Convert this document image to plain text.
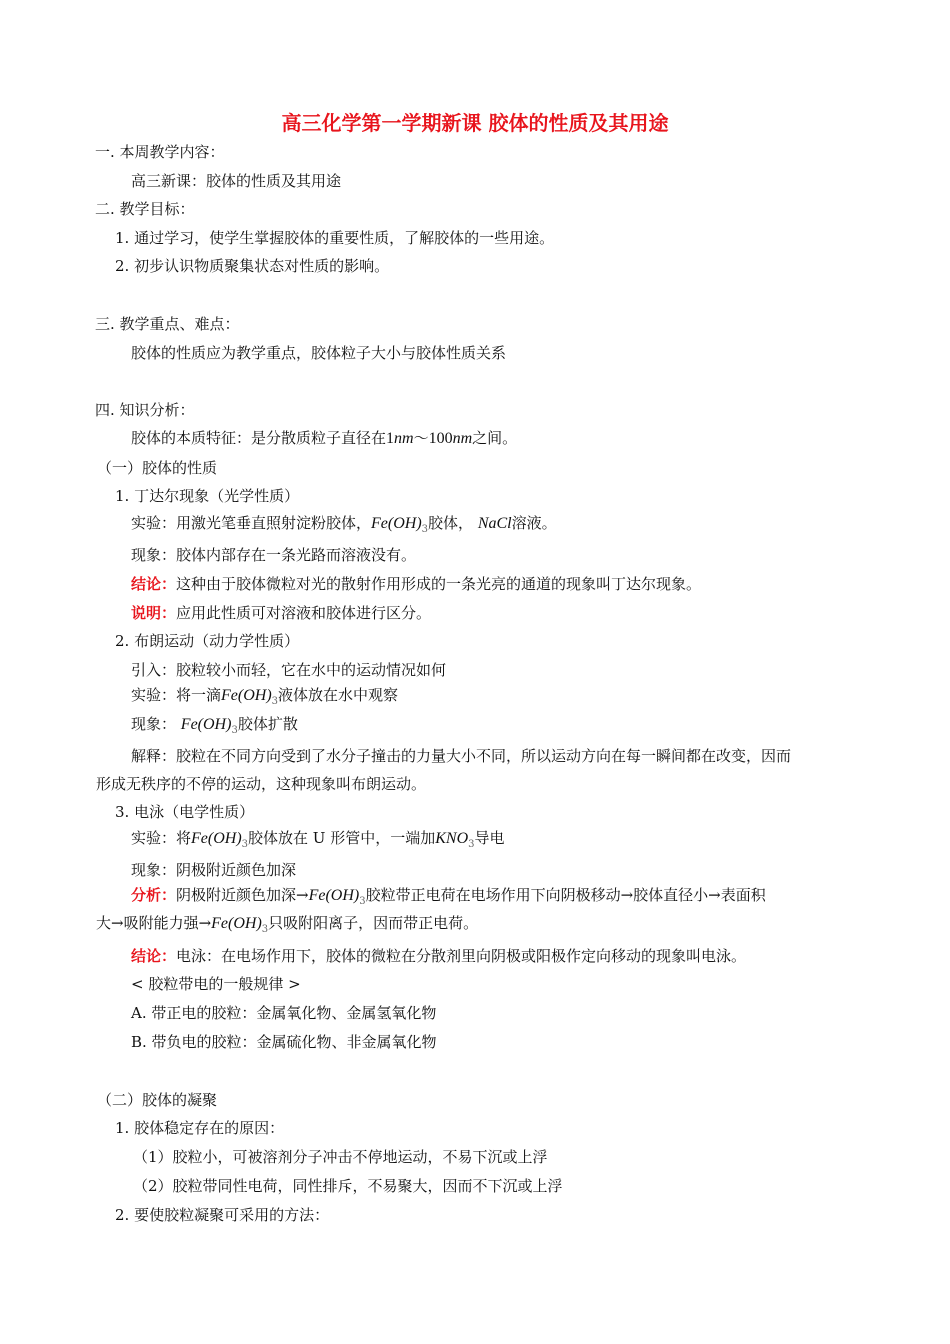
高三化学第一学期新课 胶体的性质及其用途
一. 本周教学内容：
高三新课：胶体的性质及其用途
二. 教学目标：
1. 通过学习，使学生掌握胶体的重要性质，了解胶体的一些用途。
2. 初步认识物质聚集状态对性质的影响。
三. 教学重点、难点：
胶体的性质应为教学重点，胶体粒子大小与胶体性质关系
四. 知识分析：
胶体的本质特征：是分散质粒子直径在1nm～100nm之间。
（一）胶体的性质
1. 丁达尔现象（光学性质）
实验：用激光笔垂直照射淀粉胶体，$Fe(OH)_3$胶体， NaCl溶液。
现象：胶体内部存在一条光路而溶液没有。
结论：这种由于胶体微粒对光的散射作用形成的一条光亮的通道的现象叫丁达尔现象。
说明：应用此性质可对溶液和胶体进行区分。
2. 布朗运动（动力学性质）
引入：胶粒较小而轻，它在水中的运动情况如何
实验：将一滴$Fe(OH)_3$液体放在水中观察
现象： $Fe(OH)_3$胶体扩散
解释：胶粒在不同方向受到了水分子撞击的力量大小不同，所以运动方向在每一瞬间都在改变，因而
形成无秩序的不停的运动，这种现象叫布朗运动。
3. 电泳（电学性质）
实验：将$Fe(OH)_3$胶体放在 U 形管中，一端加$KNO_3$导电
现象：阴极附近颜色加深
分析：阴极附近颜色加深$\to Fe(OH)_3$胶粒带正电荷在电场作用下向阴极移动→胶体直径小→表面积
大→吸附能力强$\to Fe(OH)_3$只吸附阳离子，因而带正电荷。
结论：电泳：在电场作用下，胶体的微粒在分散剂里向阴极或阳极作定向移动的现象叫电泳。
< 胶粒带电的一般规律 >
A. 带正电的胶粒：金属氧化物、金属氢氧化物
B. 带负电的胶粒：金属硫化物、非金属氧化物
（二）胶体的凝聚
1. 胶体稳定存在的原因：
（1）胶粒小，可被溶剂分子冲击不停地运动，不易下沉或上浮
（2）胶粒带同性电荷，同性排斥，不易聚大，因而不下沉或上浮
2. 要使胶粒凝聚可采用的方法：
